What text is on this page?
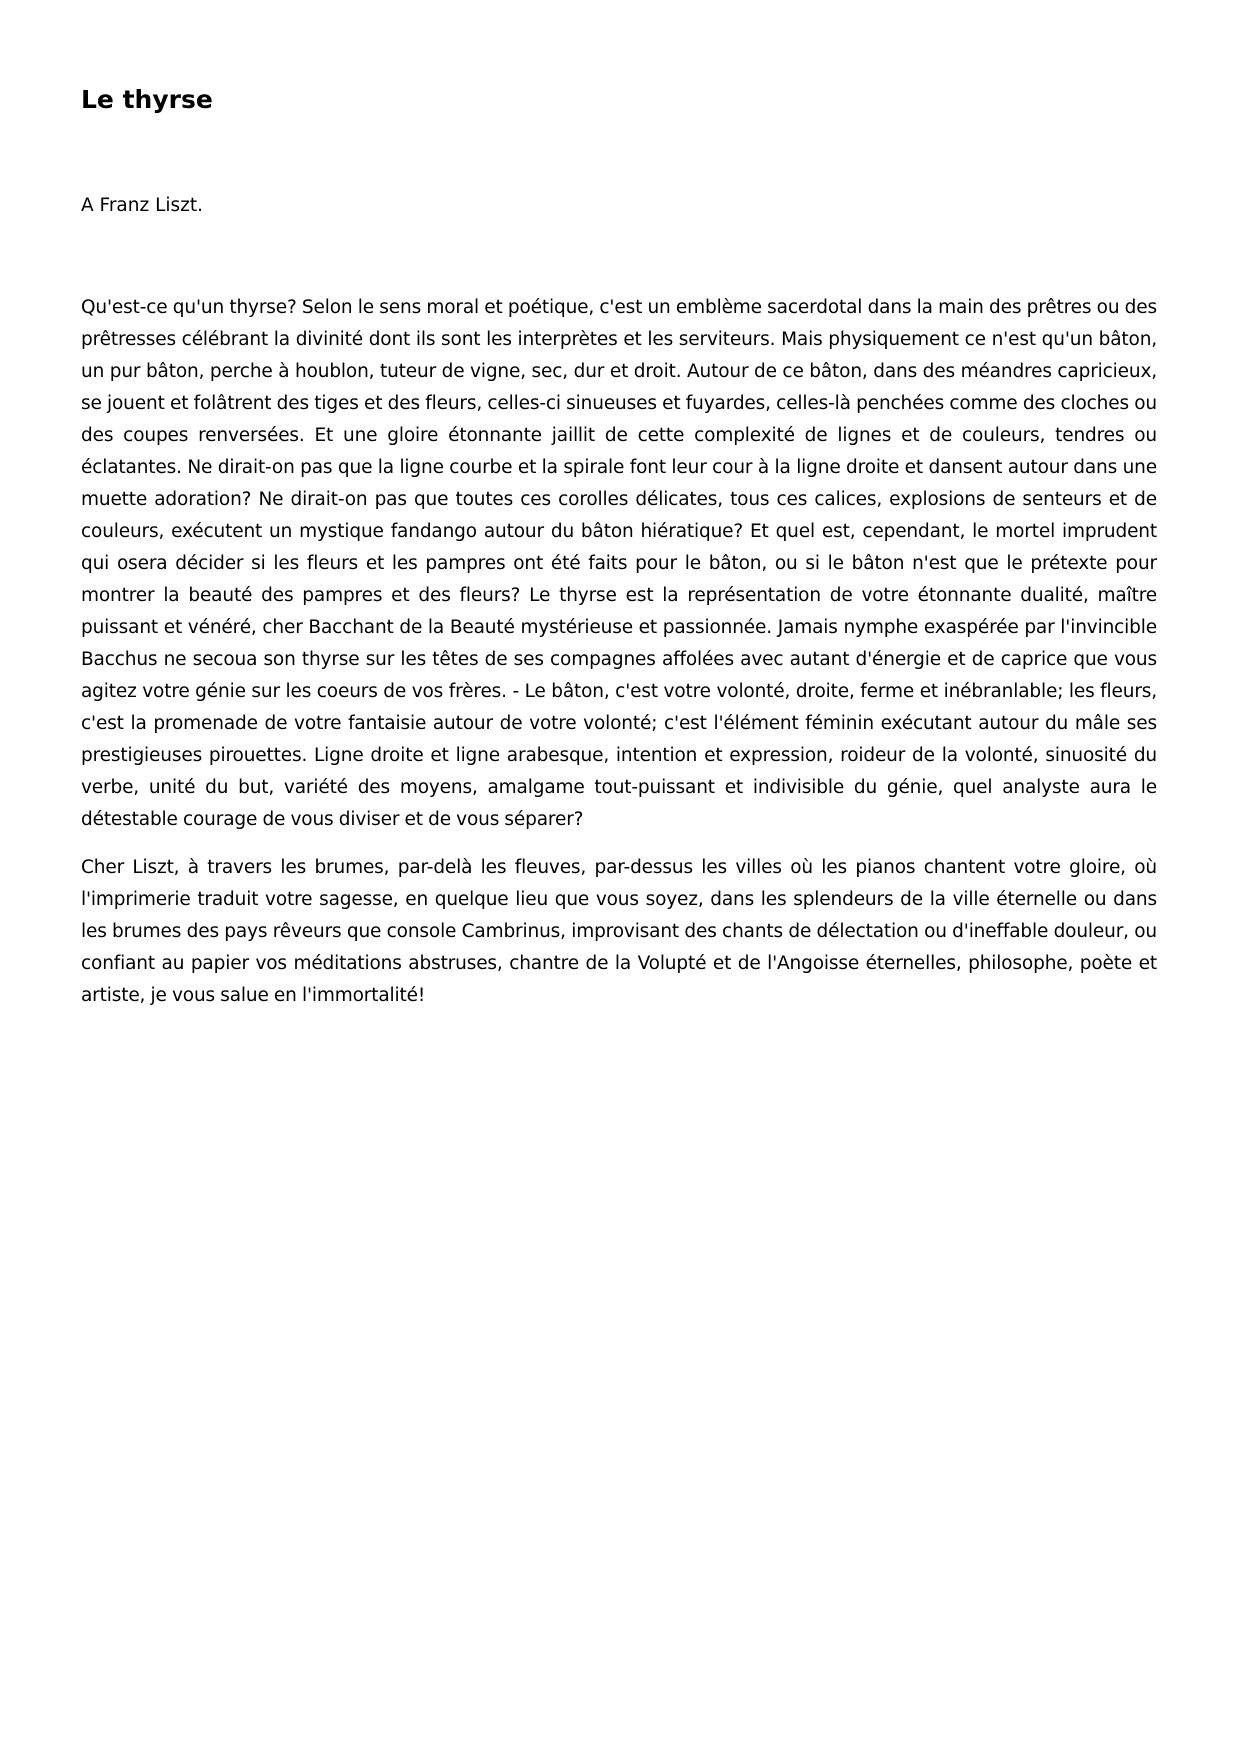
Le thyrse

A Franz Liszt.

Qu'est-ce qu'un thyrse? Selon le sens moral et poétique, c'est un emblème sacerdotal dans la main des prêtres ou des prêtresses célébrant la divinité dont ils sont les interprètes et les serviteurs. Mais physiquement ce n'est qu'un bâton, un pur bâton, perche à houblon, tuteur de vigne, sec, dur et droit. Autour de ce bâton, dans des méandres capricieux, se jouent et folâtrent des tiges et des fleurs, celles-ci sinueuses et fuyardes, celles-là penchées comme des cloches ou des coupes renversées. Et une gloire étonnante jaillit de cette complexité de lignes et de couleurs, tendres ou éclatantes. Ne dirait-on pas que la ligne courbe et la spirale font leur cour à la ligne droite et dansent autour dans une muette adoration? Ne dirait-on pas que toutes ces corolles délicates, tous ces calices, explosions de senteurs et de couleurs, exécutent un mystique fandango autour du bâton hiératique? Et quel est, cependant, le mortel imprudent qui osera décider si les fleurs et les pampres ont été faits pour le bâton, ou si le bâton n'est que le prétexte pour montrer la beauté des pampres et des fleurs? Le thyrse est la représentation de votre étonnante dualité, maître puissant et vénéré, cher Bacchant de la Beauté mystérieuse et passionnée. Jamais nymphe exaspérée par l'invincible Bacchus ne secoua son thyrse sur les têtes de ses compagnes affolées avec autant d'énergie et de caprice que vous agitez votre génie sur les coeurs de vos frères. - Le bâton, c'est votre volonté, droite, ferme et inébranlable; les fleurs, c'est la promenade de votre fantaisie autour de votre volonté; c'est l'élément féminin exécutant autour du mâle ses prestigieuses pirouettes. Ligne droite et ligne arabesque, intention et expression, roideur de la volonté, sinuosité du verbe, unité du but, variété des moyens, amalgame tout-puissant et indivisible du génie, quel analyste aura le détestable courage de vous diviser et de vous séparer?

Cher Liszt, à travers les brumes, par-delà les fleuves, par-dessus les villes où les pianos chantent votre gloire, où l'imprimerie traduit votre sagesse, en quelque lieu que vous soyez, dans les splendeurs de la ville éternelle ou dans les brumes des pays rêveurs que console Cambrinus, improvisant des chants de délectation ou d'ineffable douleur, ou confiant au papier vos méditations abstruses, chantre de la Volupté et de l'Angoisse éternelles, philosophe, poète et artiste, je vous salue en l'immortalité!
